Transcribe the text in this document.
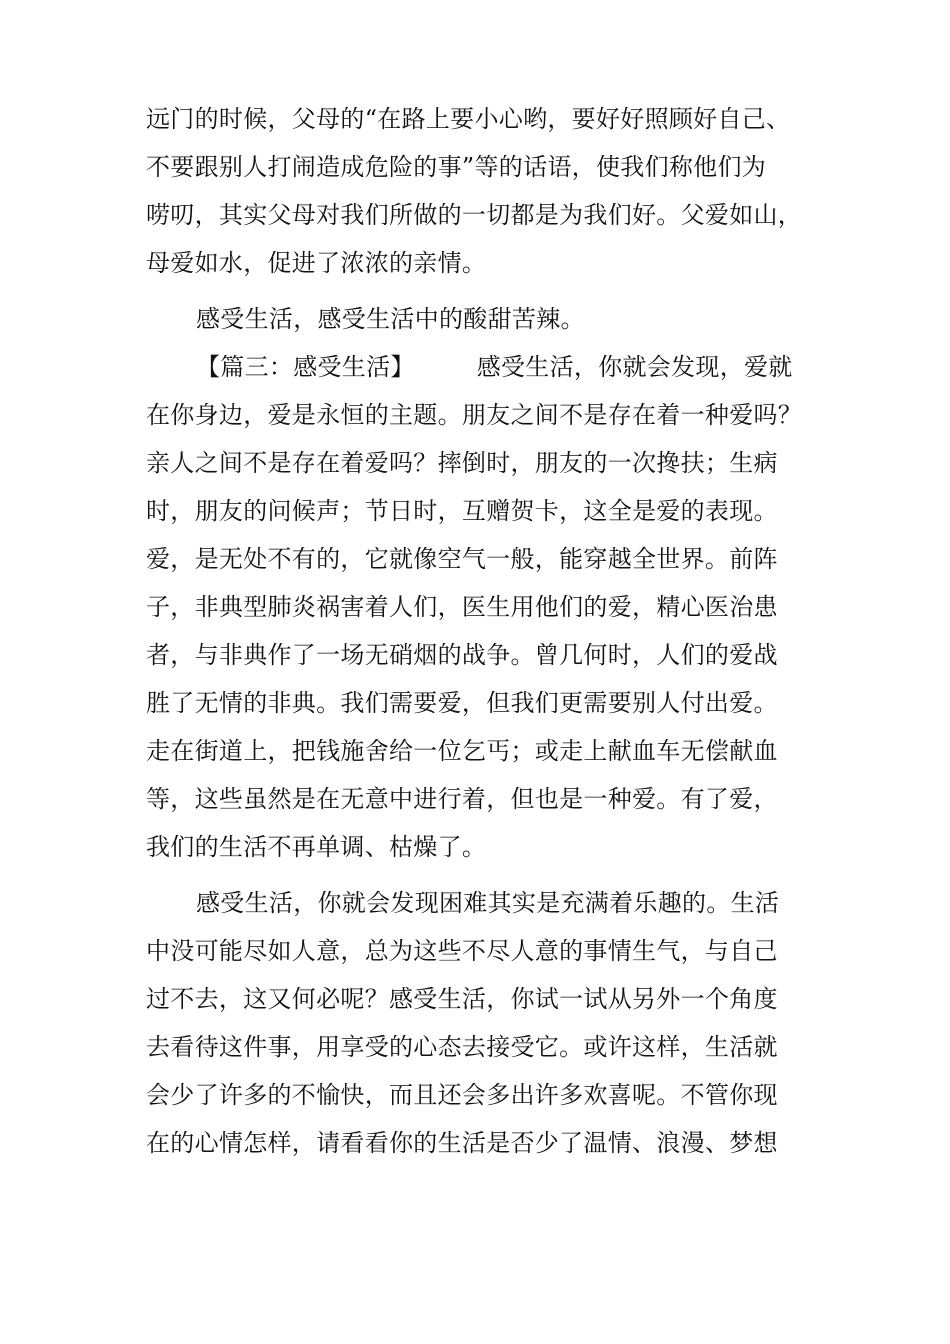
远门的时候，父母的“在路上要小心哟，要好好照顾好自己、
不要跟别人打闹造成危险的事”等的话语，使我们称他们为
唠叨，其实父母对我们所做的一切都是为我们好。父爱如山，
母爱如水，促进了浓浓的亲情。
感受生活，感受生活中的酸甜苦辣。
【篇三：感受生活】	感受生活，你就会发现，爱就
在你身边，爱是永恒的主题。朋友之间不是存在着一种爱吗？
亲人之间不是存在着爱吗？摔倒时，朋友的一次搀扶；生病
时，朋友的问候声；节日时，互赠贺卡，这全是爱的表现。
爱，是无处不有的，它就像空气一般，能穿越全世界。前阵
子，非典型肺炎祸害着人们，医生用他们的爱，精心医治患
者，与非典作了一场无硝烟的战争。曾几何时，人们的爱战
胜了无情的非典。我们需要爱，但我们更需要别人付出爱。
走在街道上，把钱施舍给一位乞丐；或走上献血车无偿献血
等，这些虽然是在无意中进行着，但也是一种爱。有了爱，
我们的生活不再单调、枯燥了。
感受生活，你就会发现困难其实是充满着乐趣的。生活
中没可能尽如人意，总为这些不尽人意的事情生气，与自己
过不去，这又何必呢？感受生活，你试一试从另外一个角度
去看待这件事，用享受的心态去接受它。或许这样，生活就
会少了许多的不愉快，而且还会多出许多欢喜呢。不管你现
在的心情怎样，请看看你的生活是否少了温情、浪漫、梦想
